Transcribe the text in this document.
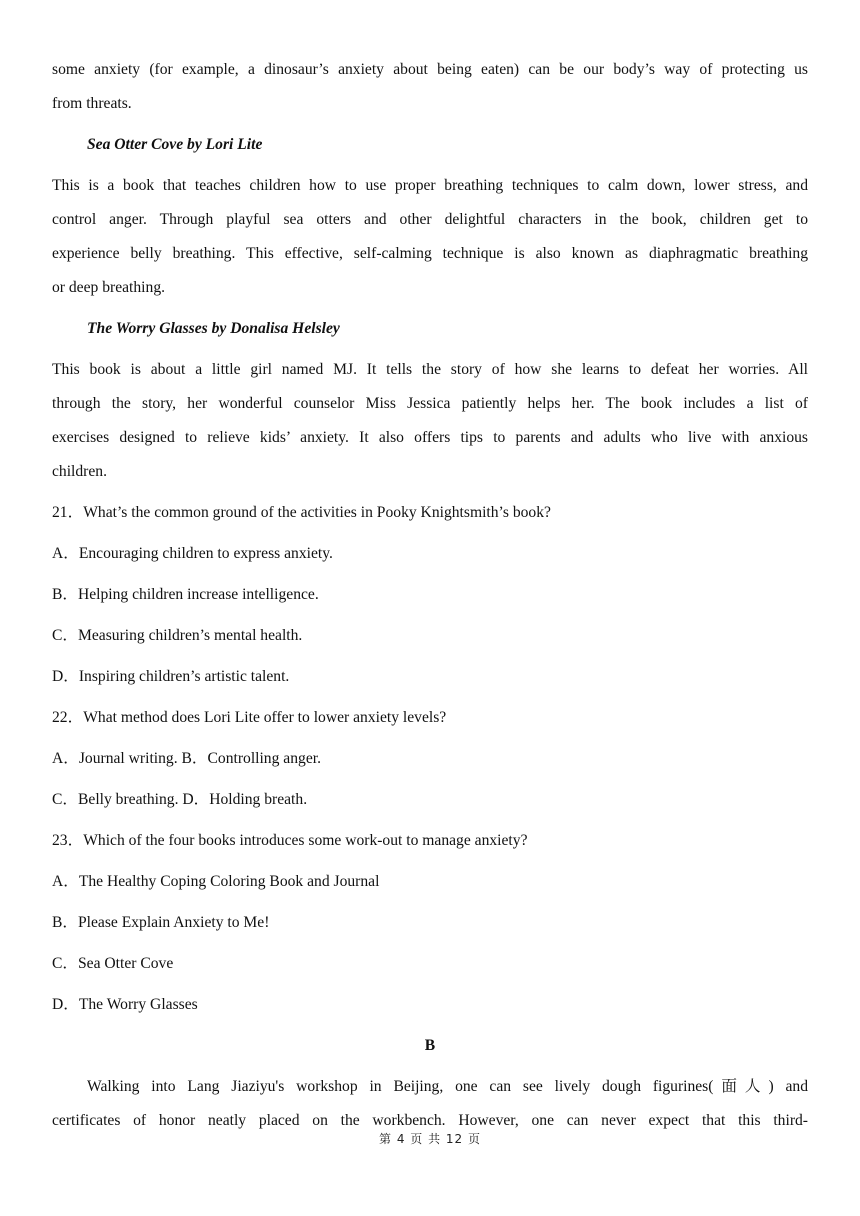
some anxiety (for example, a dinosaur’s anxiety about being eaten) can be our body’s way of protecting us
from threats.
Sea Otter Cove by Lori Lite
This is a book that teaches children how to use proper breathing techniques to calm down, lower stress, and
control anger. Through playful sea otters and other delightful characters in the book, children get to
experience belly breathing. This effective, self-calming technique is also known as diaphragmatic breathing
or deep breathing.
The Worry Glasses by Donalisa Helsley
This book is about a little girl named MJ. It tells the story of how she learns to defeat her worries. All
through the story, her wonderful counselor Miss Jessica patiently helps her. The book includes a list of
exercises designed to relieve kids’ anxiety. It also offers tips to parents and adults who live with anxious
children.
21．What’s the common ground of the activities in Pooky Knightsmith’s book?
A．Encouraging children to express anxiety.
B．Helping children increase intelligence.
C．Measuring children’s mental health.
D．Inspiring children’s artistic talent.
22．What method does Lori Lite offer to lower anxiety levels?
A．Journal writing. B．Controlling anger.
C．Belly breathing. D．Holding breath.
23．Which of the four books introduces some work-out to manage anxiety?
A．The Healthy Coping Coloring Book and Journal
B．Please Explain Anxiety to Me!
C．Sea Otter Cove
D．The Worry Glasses
B
Walking into Lang Jiaziyu's workshop in Beijing, one can see lively dough figurines(面人) and
certificates of honor neatly placed on the workbench. However, one can never expect that this third-
第 4 页 共 12 页
